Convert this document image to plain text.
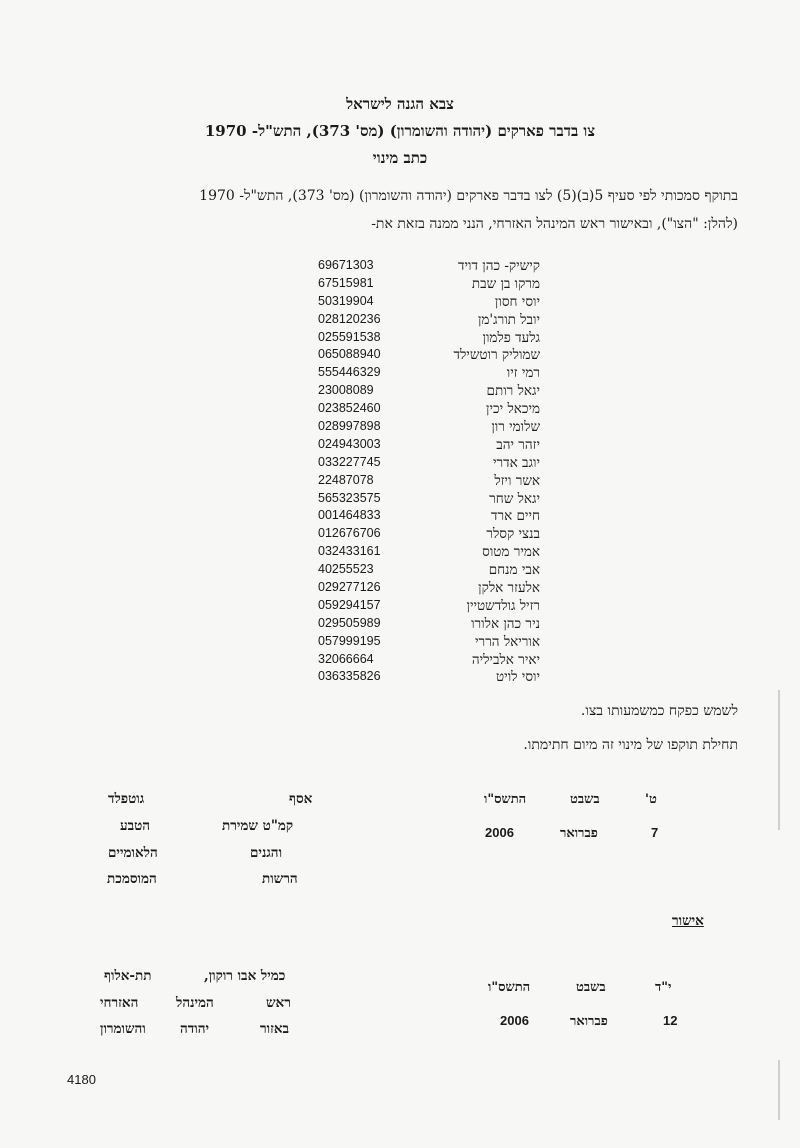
צבא הגנה לישראל
צו בדבר פארקים (יהודה והשומרון) (מס' 373), התש"ל- 1970
כתב מינוי
בתוקף סמכותי לפי סעיף 5(ב)(5) לצו בדבר פארקים (יהודה והשומרון) (מס' 373), התש"ל- 1970
(להלן: "הצו"), ובאישור ראש המינהל האזרחי, הנני ממנה בזאת את-
קישיק- כהן דויד
69671303
מרקו בן שבת
67515981
יוסי חסון
50319904
יובל תורג'מן
028120236
גלעד פלמון
025591538
שמוליק רוטשילד
065088940
רמי זיו
555446329
יגאל רותם
23008089
מיכאל יכין
023852460
שלומי רון
028997898
יזהר יהב
024943003
יוגב אדרי
033227745
אשר ויזל
22487078
יגאל שחר
565323575
חיים ארד
001464833
בנצי קסלר
012676706
אמיר מטוס
032433161
אבי מנחם
40255523
אלעזר אלקן
029277126
רזיל גולדשטיין
059294157
ניר כהן אלורו
029505989
אוריאל הררי
057999195
יאיר אלביליה
32066664
יוסי לויט
036335826
לשמש כפקח כמשמעותו בצו.
תחילת תוקפו של מינוי זה מיום חתימתו.
ט'
בשבט
התשס"ו
7
פברואר
2006
אסף
גוטפלד
קמ"ט שמירת
הטבע
והגנים
הלאומיים
הרשות
המוסמכת
אישור
י"ד
בשבט
התשס"ו
12
פברואר
2006
כמיל אבו רוקון,
תת-אלוף
ראש
המינהל
האזרחי
באזור
יהודה
והשומרון
4180
